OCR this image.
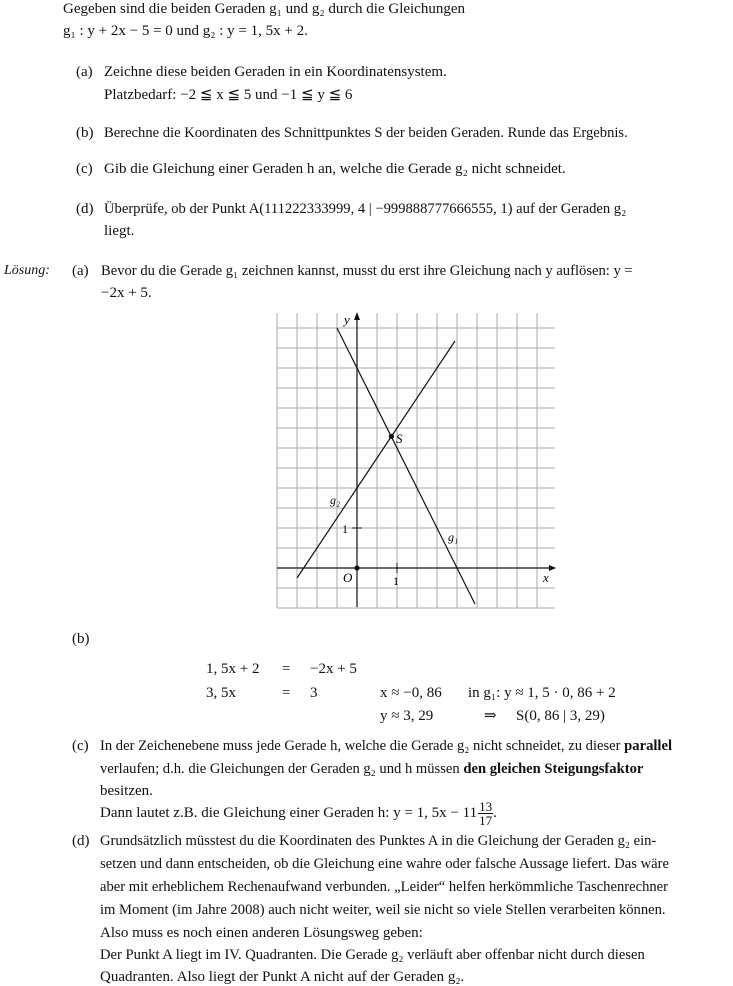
Gegeben sind die beiden Geraden g₁ und g₂ durch die Gleichungen
g₁ : y + 2x − 5 = 0 und g₂ : y = 1, 5x + 2.
(a) Zeichne diese beiden Geraden in ein Koordinatensystem.
Platzbedarf: −2 ≦ x ≦ 5 und −1 ≦ y ≦ 6
(b) Berechne die Koordinaten des Schnittpunktes S der beiden Geraden. Runde das Ergebnis.
(c) Gib die Gleichung einer Geraden h an, welche die Gerade g₂ nicht schneidet.
(d) Überprüfe, ob der Punkt A(111222333999, 4 | −999888777666555, 1) auf der Geraden g₂
liegt.
Lösung: (a) Bevor du die Gerade g₁ zeichnen kannst, musst du erst ihre Gleichung nach y auflösen: y =
−2x + 5.
y
x
O	1
1
g₁
g₂
S
(b)
1, 5x + 2 = −2x + 5
3, 5x	= 3	x ≈ −0, 86 in g₁: y ≈ 1, 5 · 0, 86 + 2
y ≈ 3, 29	⇒ S(0, 86 | 3, 29)
(c) In der Zeichenebene muss jede Gerade h, welche die Gerade g₂ nicht schneidet, zu dieser parallel
verlaufen; d.h. die Gleichungen der Geraden g₂ und h müssen den gleichen Steigungsfaktor
besitzen.
Dann lautet z.B. die Gleichung einer Geraden h: y = 1, $5x - 11 \frac{13}{17}$ .
(d) Grundsätzlich müsstest du die Koordinaten des Punktes A in die Gleichung der Geraden g₂ ein-
setzen und dann entscheiden, ob die Gleichung eine wahre oder falsche Aussage liefert. Das wäre
aber mit erheblichem Rechenaufwand verbunden. „Leider“ helfen herkömmliche Taschenrechner
im Moment (im Jahre 2008) auch nicht weiter, weil sie nicht so viele Stellen verarbeiten können.
Also muss es noch einen anderen Lösungsweg geben:
Der Punkt A liegt im IV. Quadranten. Die Gerade g₂ verläuft aber offenbar nicht durch diesen
Quadranten. Also liegt der Punkt A nicht auf der Geraden g₂.
